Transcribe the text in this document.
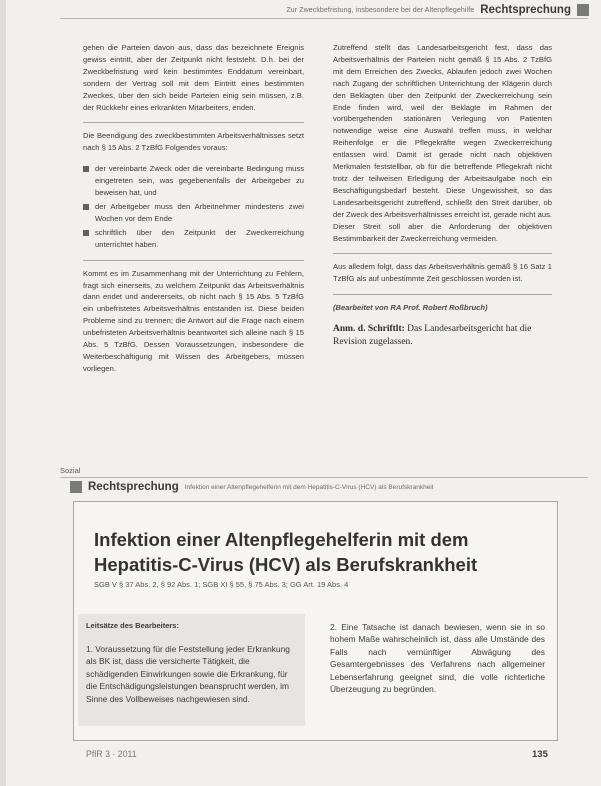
Zur Zweckbefristung, insbesondere bei der Altenpflegehilfe Rechtsprechung

gehen die Parteien davon aus, dass das bezeichnete Ereignis gewiss eintritt, aber der Zeitpunkt nicht feststeht. D.h. bei der Zweckbefristung wird kein bestimmtes Enddatum vereinbart, sondern der Vertrag soll mit dem Eintritt eines bestimmten Zweckes, über den sich beide Parteien einig sein müssen, z.B. der Rückkehr eines erkrankten Mitarbeiters, enden.

Die Beendigung des zweckbestimmten Arbeitsverhältnisses setzt nach § 15 Abs. 2 TzBfG Folgendes voraus:

der vereinbarte Zweck oder die vereinbarte Bedingung muss eingetreten sein, was gegebenenfalls der Arbeitgeber zu beweisen hat, und
der Arbeitgeber muss den Arbeitnehmer mindestens zwei Wochen vor dem Ende
schriftlich über den Zeitpunkt der Zweckerreichung unterrichtet haben.

Kommt es im Zusammenhang mit der Unterrichtung zu Fehlern, fragt sich einerseits, zu welchem Zeitpunkt das Arbeitsverhältnis dann endet und andererseits, ob nicht nach § 15 Abs. 5 TzBfG ein unbefristetes Arbeitsverhältnis entstanden ist. Diese beiden Probleme sind zu trennen; die Antwort auf die Frage nach einem unbefristeten Arbeitsverhältnis beantwortet sich alleine nach § 15 Abs. 5 TzBfG. Dessen Voraussetzungen, insbesondere die Weiterbeschäftigung mit Wissen des Arbeitgebers, müssen vorliegen.

Zutreffend stellt das Landesarbeitsgericht fest, dass das Arbeitsverhältnis der Parteien nicht gemäß § 15 Abs. 2 TzBfG mit dem Erreichen des Zwecks, Ablaufen jedoch zwei Wochen nach Zugang der schriftlichen Unterrichtung der Klägerin durch den Beklagten über den Zeitpunkt der Zweckerreichung sein Ende finden wird, weil der Beklagte im Rahmen der vorübergehenden stationären Verlegung von Patienten notwendige weise eine Auswahl treffen muss, in welchar Reihenfolge er die Pflegekräfte wegen Zweckerreichung entlassen wird. Damit ist gerade nicht nach objektiven Merkmalen feststellbar, ob für die betreffende Pflegekraft nicht trotz der teilweisen Erledigung der Arbeitsaufgabe noch ein Beschäftigungsbedarf besteht. Diese Ungewissheit, so das Landesarbeitsgericht zutreffend, schließt den Streit darüber, ob der Zweck des Arbeitsverhältnisses erreicht ist, gerade nicht aus. Dieser Streit soll aber die Anforderung der objektiven Bestimmbarkeit der Zweckerreichung vermeiden.

Aus alledem folgt, dass das Arbeitsverhältnis gemäß § 16 Satz 1 TzBfG als auf unbestimmte Zeit geschlossen worden ist.

(Bearbeitet von RA Prof. Robert Roßbruch)

Anm. d. Schriftlt: Das Landesarbeitsgericht hat die Revision zugelassen.

Sozial
Rechtsprechung Infektion einer Altenpflegehelferin mit dem Hepatitis-C-Virus (HCV) als Berufskrankheit
Infektion einer Altenpflegehelferin mit dem Hepatitis-C-Virus (HCV) als Berufskrankheit
SGB V § 37 Abs. 2, § 92 Abs. 1; SGB XI § 55, § 75 Abs. 3; GG Art. 19 Abs. 4
Leitsätze des Bearbeiters:
1. Voraussetzung für die Feststellung jeder Erkrankung als BK ist, dass die versicherte Tätigkeit, die schädigenden Einwirkungen sowie die Erkrankung, für die Entschädigungsleistungen beansprucht werden, im Sinne des Vollbeweises nachgewiesen sind.
2. Eine Tatsache ist danach bewiesen, wenn sie in so hohem Maße wahrscheinlich ist, dass alle Umstände des Falls nach vernünftiger Abwägung des Gesamtergebnisses des Verfahrens nach allgemeiner Lebenserfahrung geeignet sind, die volle richterliche Überzeugung zu begründen.
PflR 3 · 2011	135
